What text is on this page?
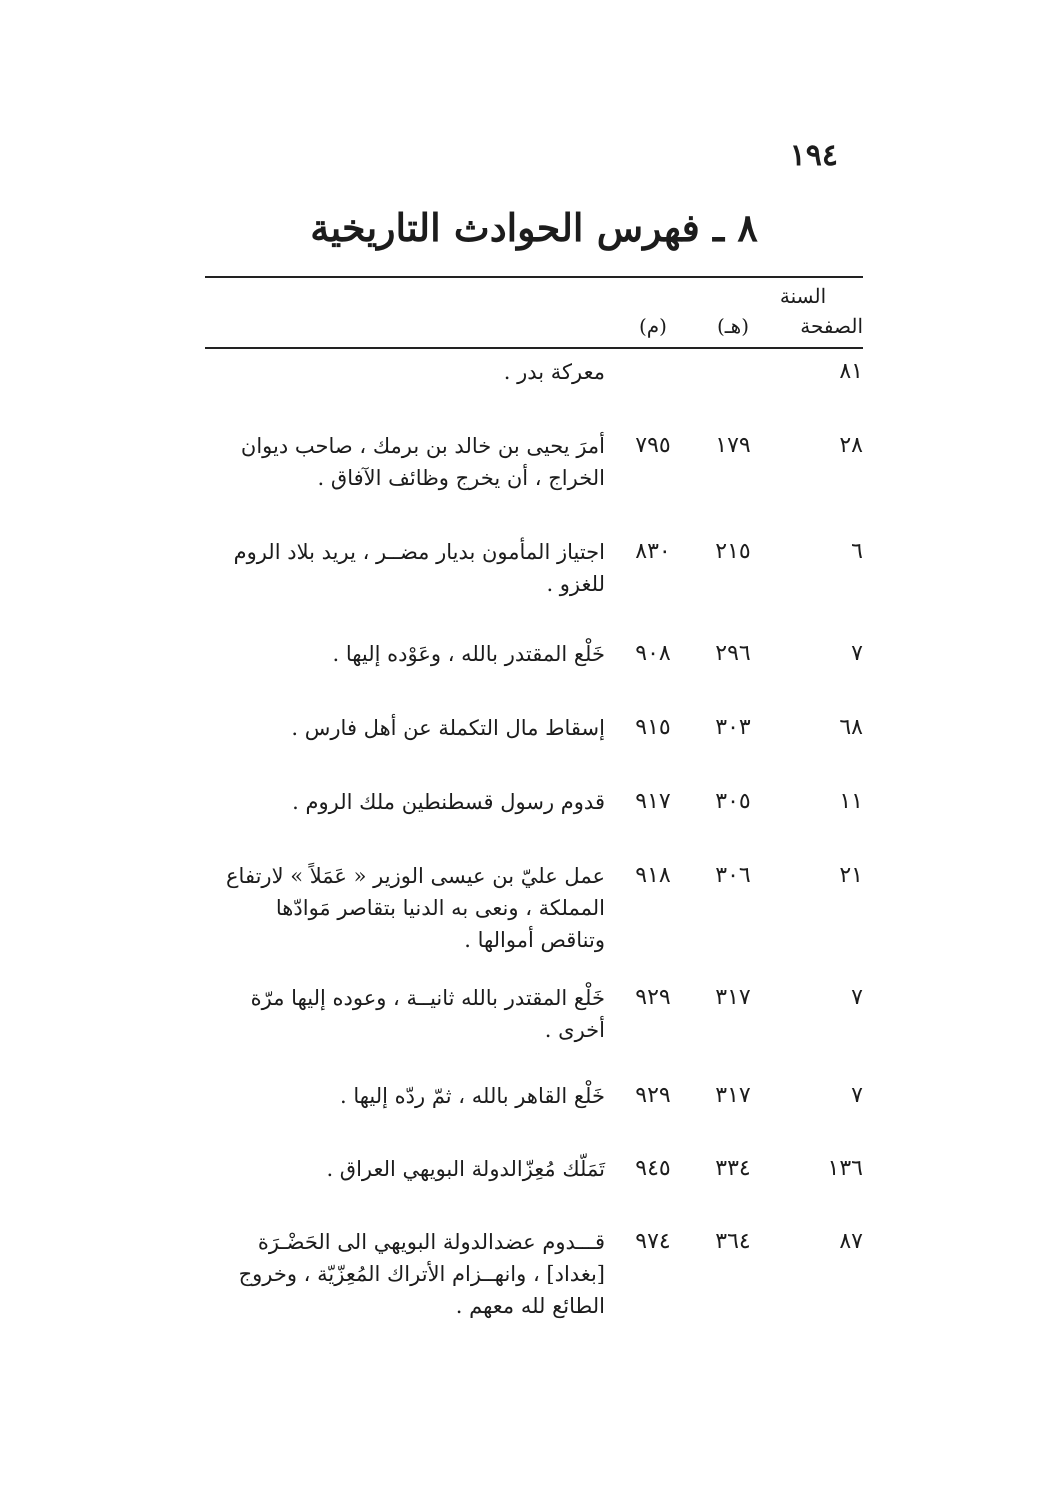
١٩٤
٨ ـ فهرس الحوادث التاريخية
السنة
الصفحة
(هـ)
(م)
٨١
معركة بدر .
٢٨
١٧٩
٧٩٥
أمرَ يحيى بن خالد بن برمك ، صاحب ديوان الخراج ، أن يخرج وظائف الآفاق .
٦
٢١٥
٨٣٠
اجتياز المأمون بديار مضــر ، يريد بلاد الروم للغزو .
٧
٢٩٦
٩٠٨
خَلْع المقتدر بالله ، وعَوْده إليها .
٦٨
٣٠٣
٩١٥
إسقاط مال التكملة عن أهل فارس .
١١
٣٠٥
٩١٧
قدوم رسول قسطنطين ملك الروم .
٢١
٣٠٦
٩١٨
عمل عليّ بن عيسى الوزير « عَمَلاً » لارتفاع المملكة ، ونعى به الدنيا بتقاصر مَوادّها وتناقص أموالها .
٧
٣١٧
٩٢٩
خَلْع المقتدر بالله ثانيــة ، وعوده إليها مرّة أخرى .
٧
٣١٧
٩٢٩
خَلْع القاهر بالله ، ثمّ ردّه إليها .
١٣٦
٣٣٤
٩٤٥
تَمَلّك مُعِزّالدولة البويهي العراق .
٨٧
٣٦٤
٩٧٤
قـــدوم عضدالدولة البويهي الى الحَضْـرَة [بغداد] ، وانهــزام الأتراك المُعِزّيّة ، وخروج الطائع لله معهم .
